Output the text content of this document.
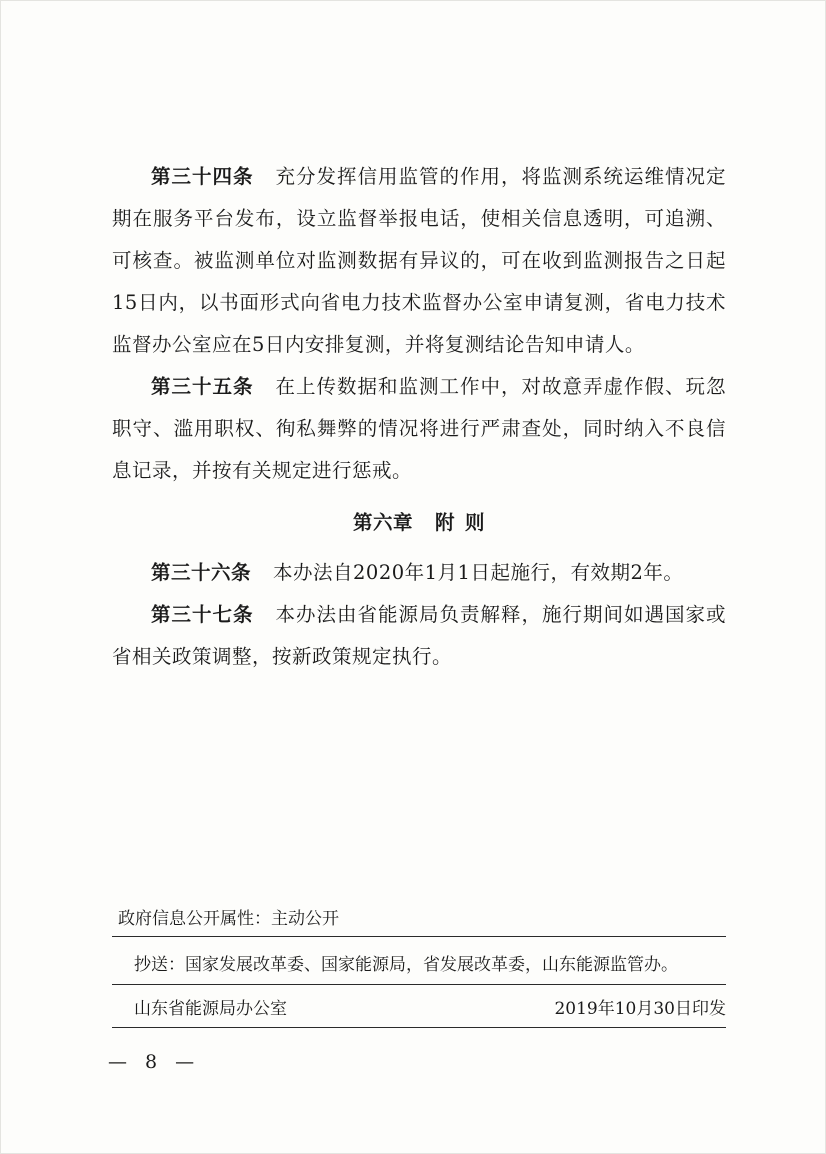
第三十四条 充分发挥信用监管的作用，将监测系统运维情况定期在服务平台发布，设立监督举报电话，使相关信息透明，可追溯、可核查。被监测单位对监测数据有异议的，可在收到监测报告之日起15日内，以书面形式向省电力技术监督办公室申请复测，省电力技术监督办公室应在5日内安排复测，并将复测结论告知申请人。

第三十五条 在上传数据和监测工作中，对故意弄虚作假、玩忽职守、滥用职权、徇私舞弊的情况将进行严肃查处，同时纳入不良信息记录，并按有关规定进行惩戒。

第六章 附 则

第三十六条 本办法自2020年1月1日起施行，有效期2年。

第三十七条 本办法由省能源局负责解释，施行期间如遇国家或省相关政策调整，按新政策规定执行。

政府信息公开属性：主动公开
抄送：国家发展改革委、国家能源局，省发展改革委，山东能源监管办。
山东省能源局办公室	2019年10月30日印发
— 8 —
